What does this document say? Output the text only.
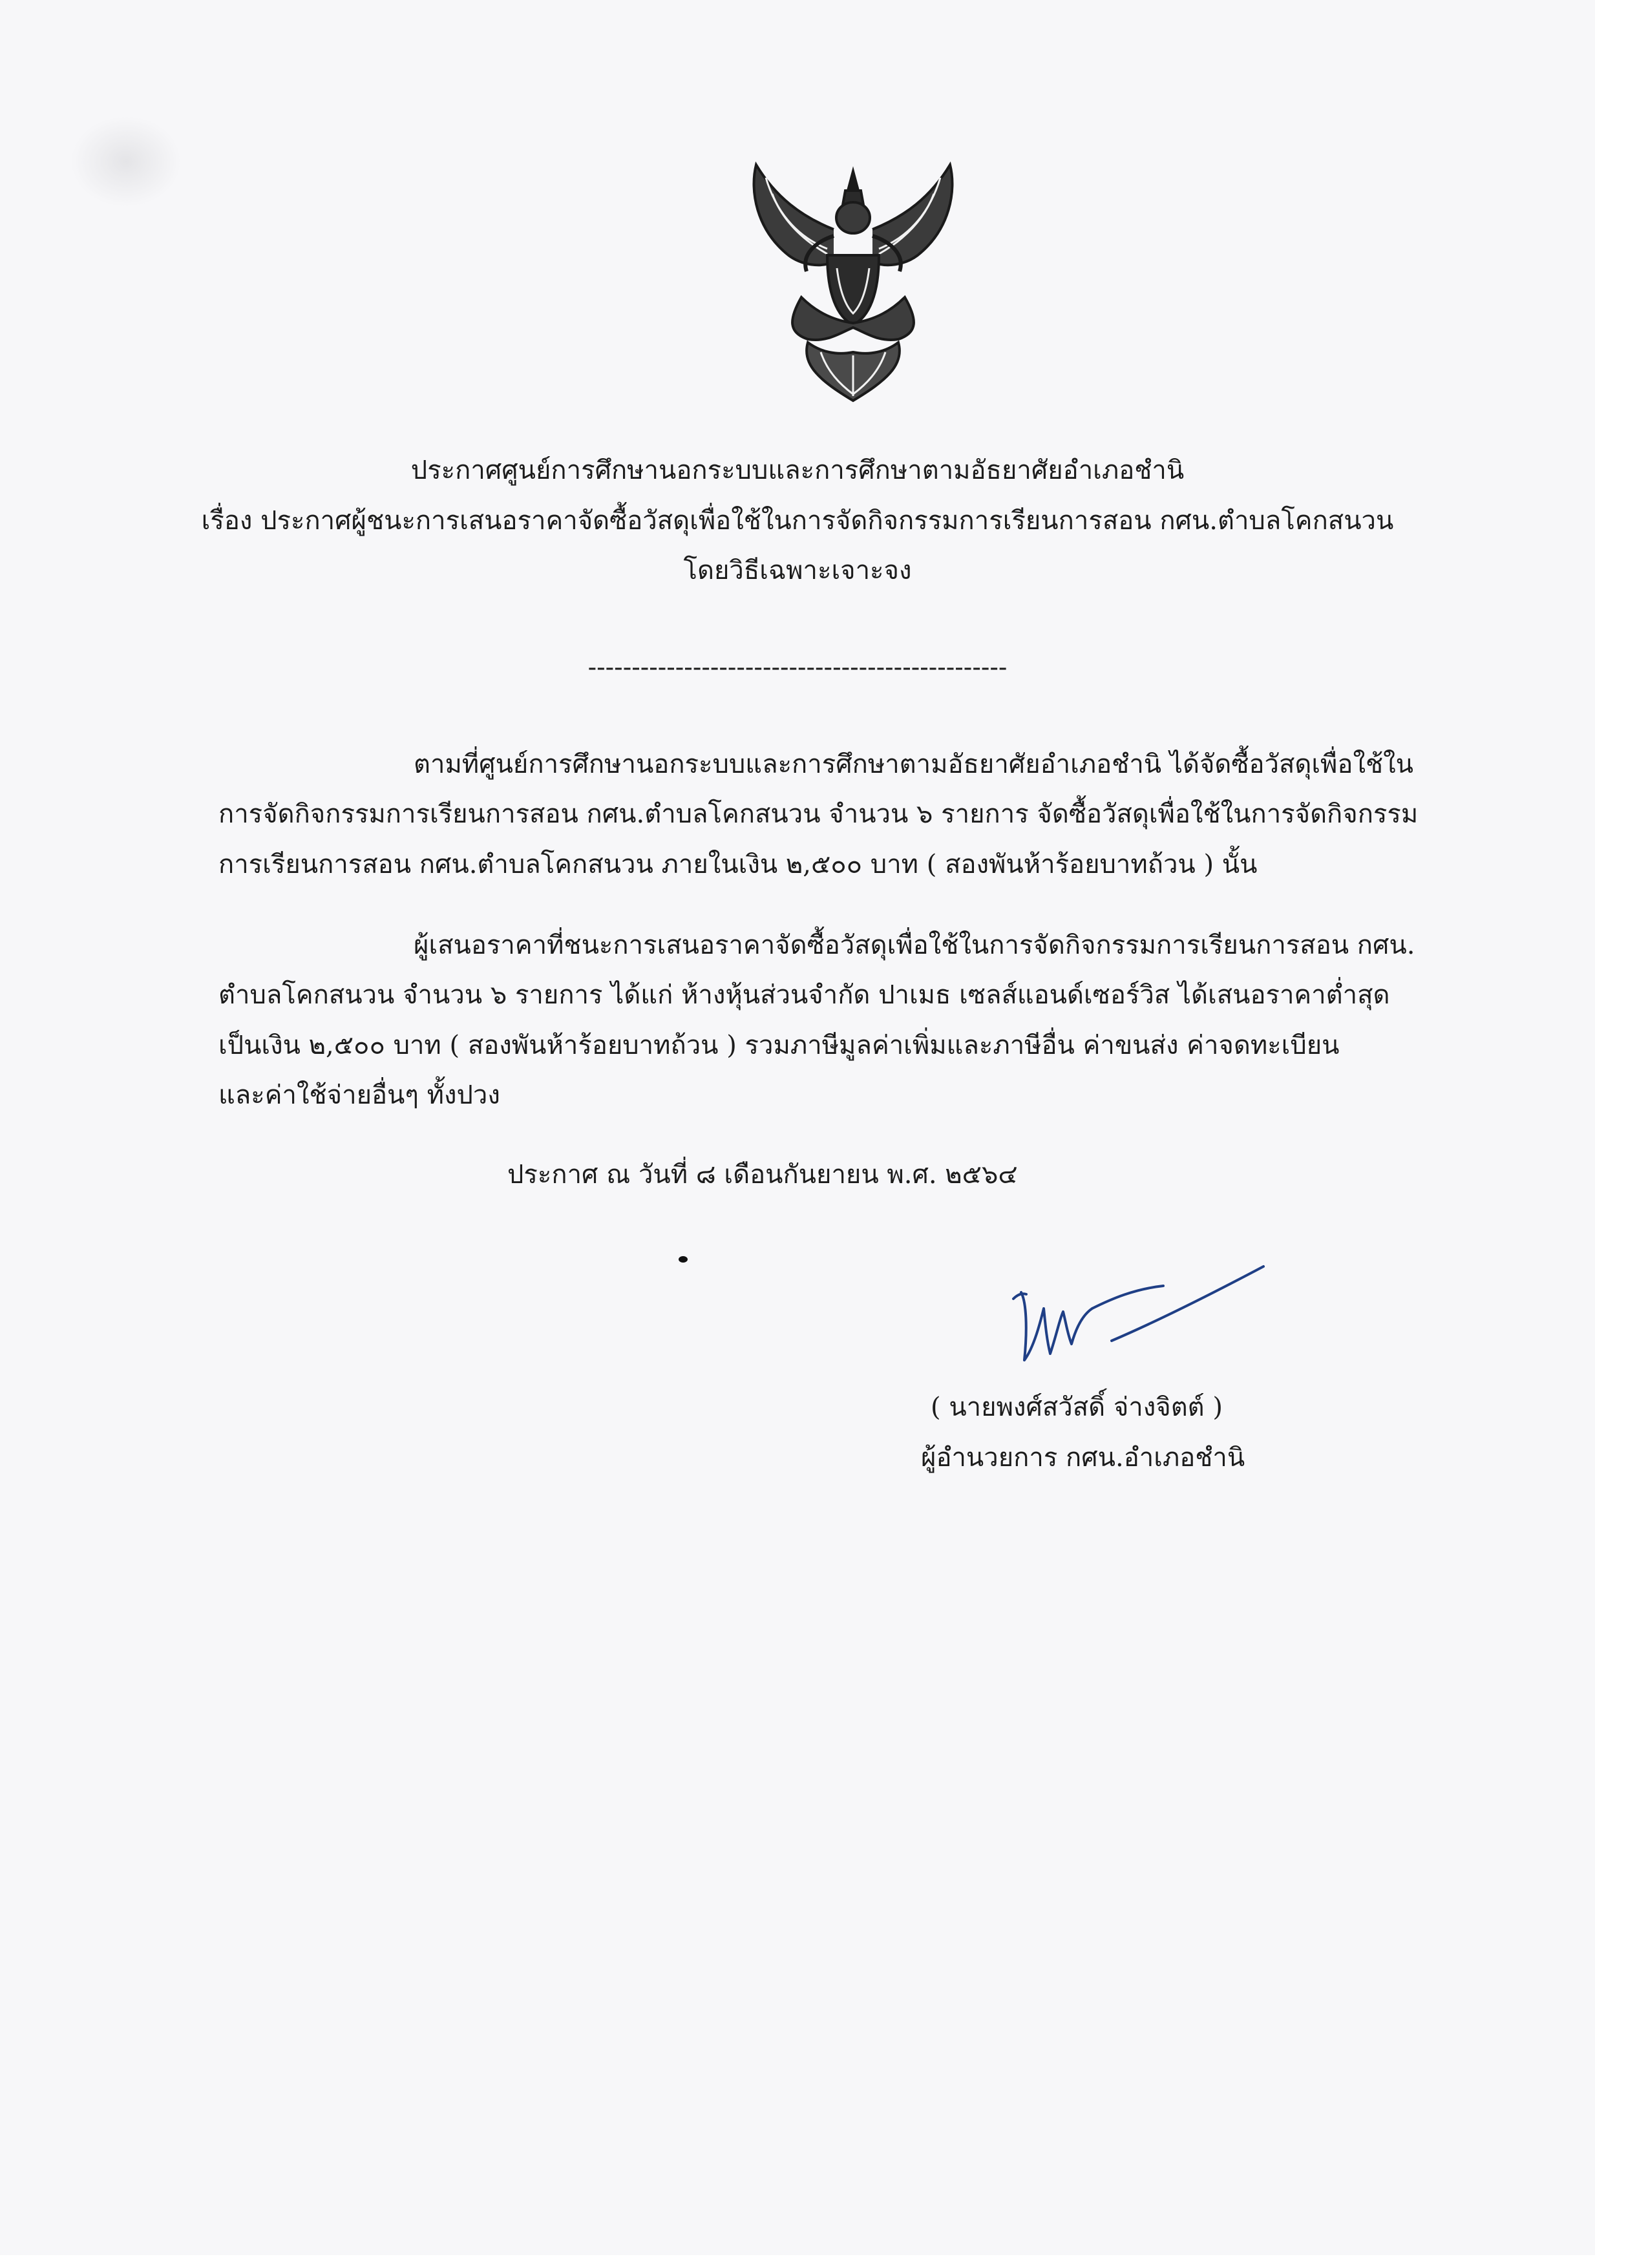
ประกาศศูนย์การศึกษานอกระบบและการศึกษาตามอัธยาศัยอำเภอชำนิ
เรื่อง ประกาศผู้ชนะการเสนอราคาจัดซื้อวัสดุเพื่อใช้ในการจัดกิจกรรมการเรียนการสอน กศน.ตำบลโคกสนวน
โดยวิธีเฉพาะเจาะจง
------------------------------------------------
ตามที่ศูนย์การศึกษานอกระบบและการศึกษาตามอัธยาศัยอำเภอชำนิ ได้จัดซื้อวัสดุเพื่อใช้ใน
การจัดกิจกรรมการเรียนการสอน กศน.ตำบลโคกสนวน จำนวน ๖ รายการ จัดซื้อวัสดุเพื่อใช้ในการจัดกิจกรรม
การเรียนการสอน กศน.ตำบลโคกสนวน ภายในเงิน ๒,๕๐๐ บาท ( สองพันห้าร้อยบาทถ้วน ) นั้น
ผู้เสนอราคาที่ชนะการเสนอราคาจัดซื้อวัสดุเพื่อใช้ในการจัดกิจกรรมการเรียนการสอน กศน.
ตำบลโคกสนวน จำนวน ๖ รายการ ได้แก่ ห้างหุ้นส่วนจำกัด ปาเมธ เซลส์แอนด์เซอร์วิส ได้เสนอราคาต่ำสุด
เป็นเงิน ๒,๕๐๐ บาท ( สองพันห้าร้อยบาทถ้วน ) รวมภาษีมูลค่าเพิ่มและภาษีอื่น ค่าขนส่ง ค่าจดทะเบียน
และค่าใช้จ่ายอื่นๆ ทั้งปวง
ประกาศ ณ วันที่ ๘ เดือนกันยายน พ.ศ. ๒๕๖๔
( นายพงศ์สวัสดิ์ จ่างจิตต์ )
ผู้อำนวยการ กศน.อำเภอชำนิ
